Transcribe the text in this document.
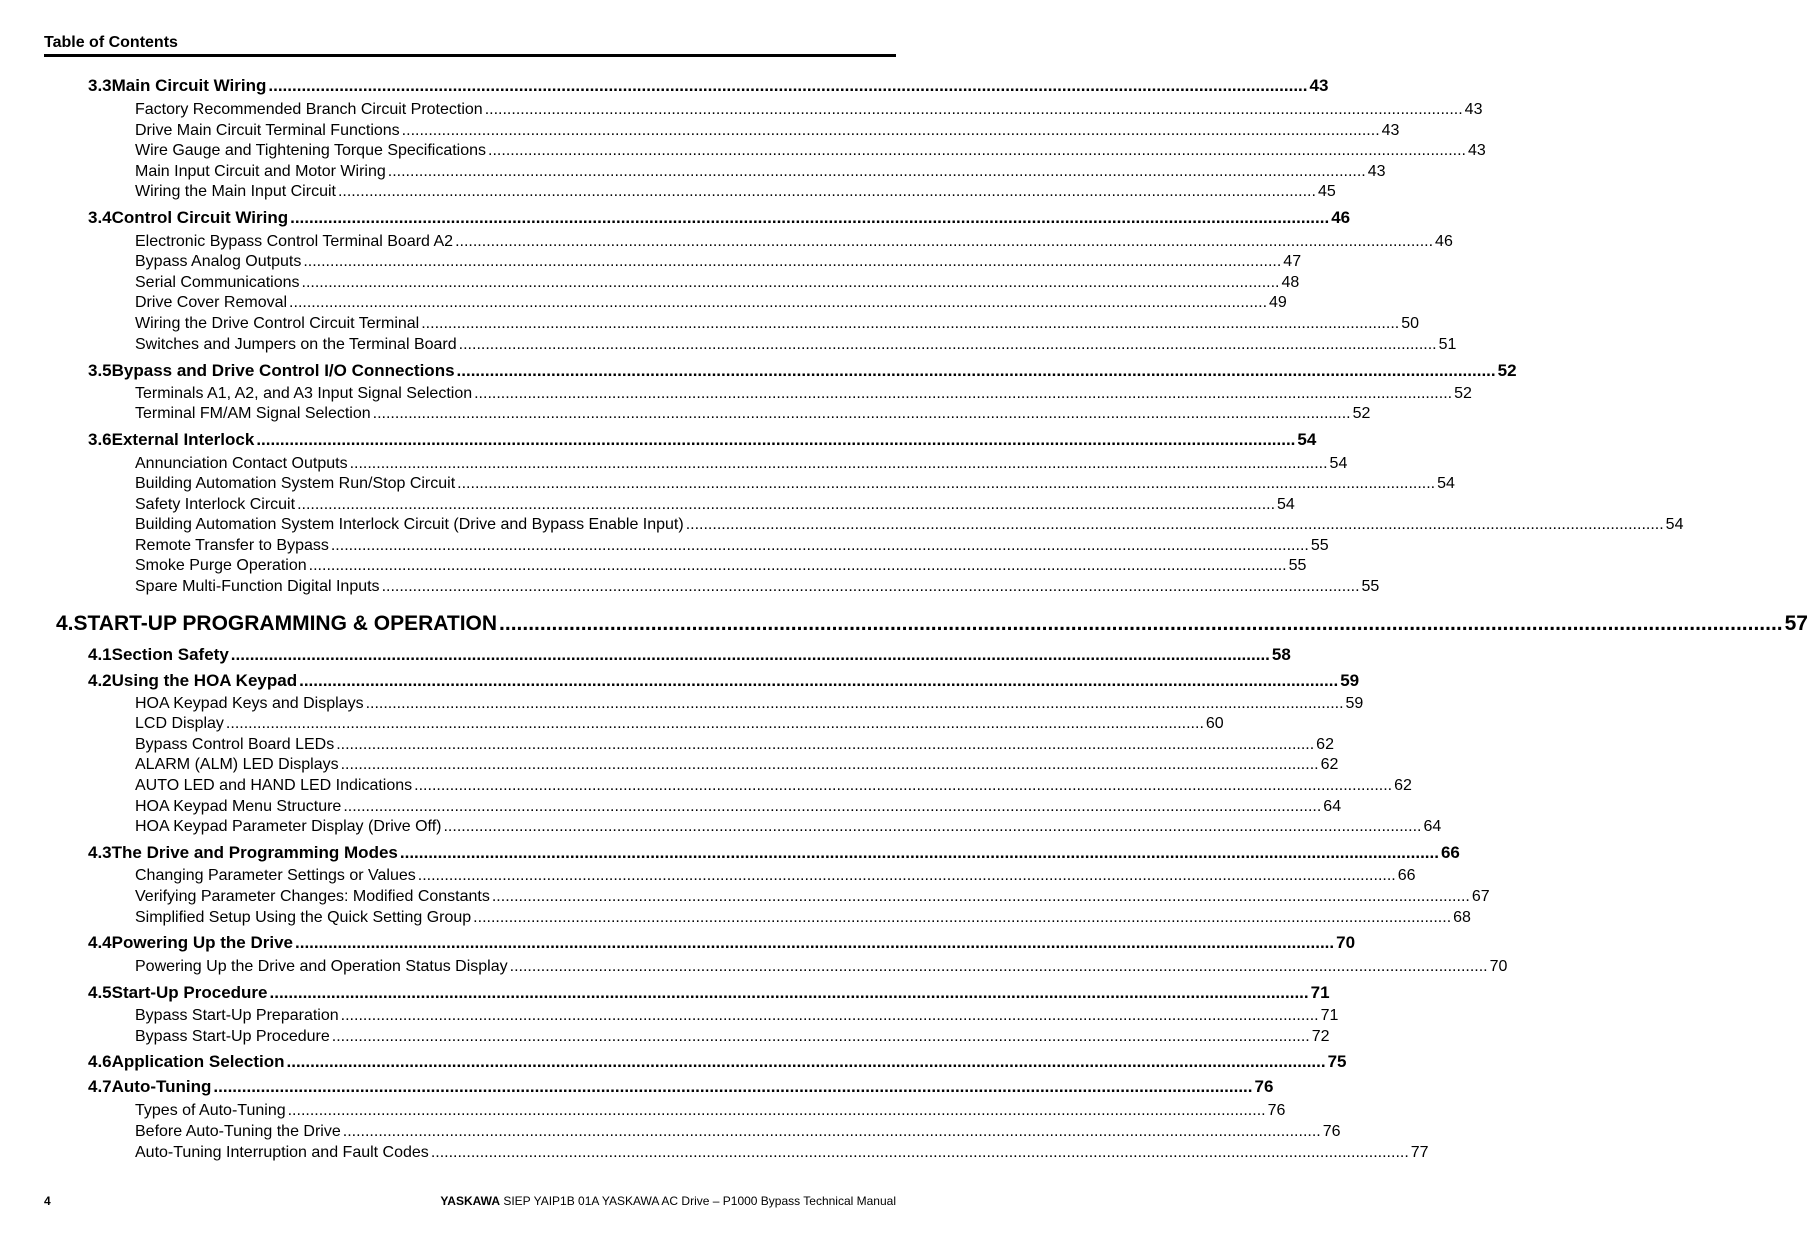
Table of Contents
3.3 Main Circuit Wiring ............................................................................................................................................................................................................................ 43
Factory Recommended Branch Circuit Protection ............................................................................................................................................................................................................................ 43
Drive Main Circuit Terminal Functions ............................................................................................................................................................................................................................ 43
Wire Gauge and Tightening Torque Specifications ............................................................................................................................................................................................................................ 43
Main Input Circuit and Motor Wiring ............................................................................................................................................................................................................................ 43
Wiring the Main Input Circuit ............................................................................................................................................................................................................................ 45
3.4 Control Circuit Wiring ............................................................................................................................................................................................................................ 46
Electronic Bypass Control Terminal Board A2 ............................................................................................................................................................................................................................ 46
Bypass Analog Outputs ............................................................................................................................................................................................................................ 47
Serial Communications ............................................................................................................................................................................................................................ 48
Drive Cover Removal ............................................................................................................................................................................................................................ 49
Wiring the Drive Control Circuit Terminal ............................................................................................................................................................................................................................ 50
Switches and Jumpers on the Terminal Board ............................................................................................................................................................................................................................ 51
3.5 Bypass and Drive Control I/O Connections ............................................................................................................................................................................................................................ 52
Terminals A1, A2, and A3 Input Signal Selection ............................................................................................................................................................................................................................ 52
Terminal FM/AM Signal Selection ............................................................................................................................................................................................................................ 52
3.6 External Interlock ............................................................................................................................................................................................................................ 54
Annunciation Contact Outputs ............................................................................................................................................................................................................................ 54
Building Automation System Run/Stop Circuit ............................................................................................................................................................................................................................ 54
Safety Interlock Circuit ............................................................................................................................................................................................................................ 54
Building Automation System Interlock Circuit (Drive and Bypass Enable Input) ............................................................................................................................................................................................................................ 54
Remote Transfer to Bypass ............................................................................................................................................................................................................................ 55
Smoke Purge Operation ............................................................................................................................................................................................................................ 55
Spare Multi-Function Digital Inputs ............................................................................................................................................................................................................................ 55
4. START-UP PROGRAMMING & OPERATION ............................................................................................................................................................................................................................ 57
4.1 Section Safety ............................................................................................................................................................................................................................ 58
4.2 Using the HOA Keypad ............................................................................................................................................................................................................................ 59
HOA Keypad Keys and Displays ............................................................................................................................................................................................................................ 59
LCD Display ............................................................................................................................................................................................................................ 60
Bypass Control Board LEDs ............................................................................................................................................................................................................................ 62
ALARM (ALM) LED Displays ............................................................................................................................................................................................................................ 62
AUTO LED and HAND LED Indications ............................................................................................................................................................................................................................ 62
HOA Keypad Menu Structure ............................................................................................................................................................................................................................ 64
HOA Keypad Parameter Display (Drive Off) ............................................................................................................................................................................................................................ 64
4.3 The Drive and Programming Modes ............................................................................................................................................................................................................................ 66
Changing Parameter Settings or Values ............................................................................................................................................................................................................................ 66
Verifying Parameter Changes: Modified Constants ............................................................................................................................................................................................................................ 67
Simplified Setup Using the Quick Setting Group ............................................................................................................................................................................................................................ 68
4.4 Powering Up the Drive ............................................................................................................................................................................................................................ 70
Powering Up the Drive and Operation Status Display ............................................................................................................................................................................................................................ 70
4.5 Start-Up Procedure ............................................................................................................................................................................................................................ 71
Bypass Start-Up Preparation ............................................................................................................................................................................................................................ 71
Bypass Start-Up Procedure ............................................................................................................................................................................................................................ 72
4.6 Application Selection ............................................................................................................................................................................................................................ 75
4.7 Auto-Tuning ............................................................................................................................................................................................................................ 76
Types of Auto-Tuning ............................................................................................................................................................................................................................ 76
Before Auto-Tuning the Drive ............................................................................................................................................................................................................................ 76
Auto-Tuning Interruption and Fault Codes ............................................................................................................................................................................................................................ 77
4	YASKAWA SIEP YAIP1B 01A YASKAWA AC Drive – P1000 Bypass Technical Manual
